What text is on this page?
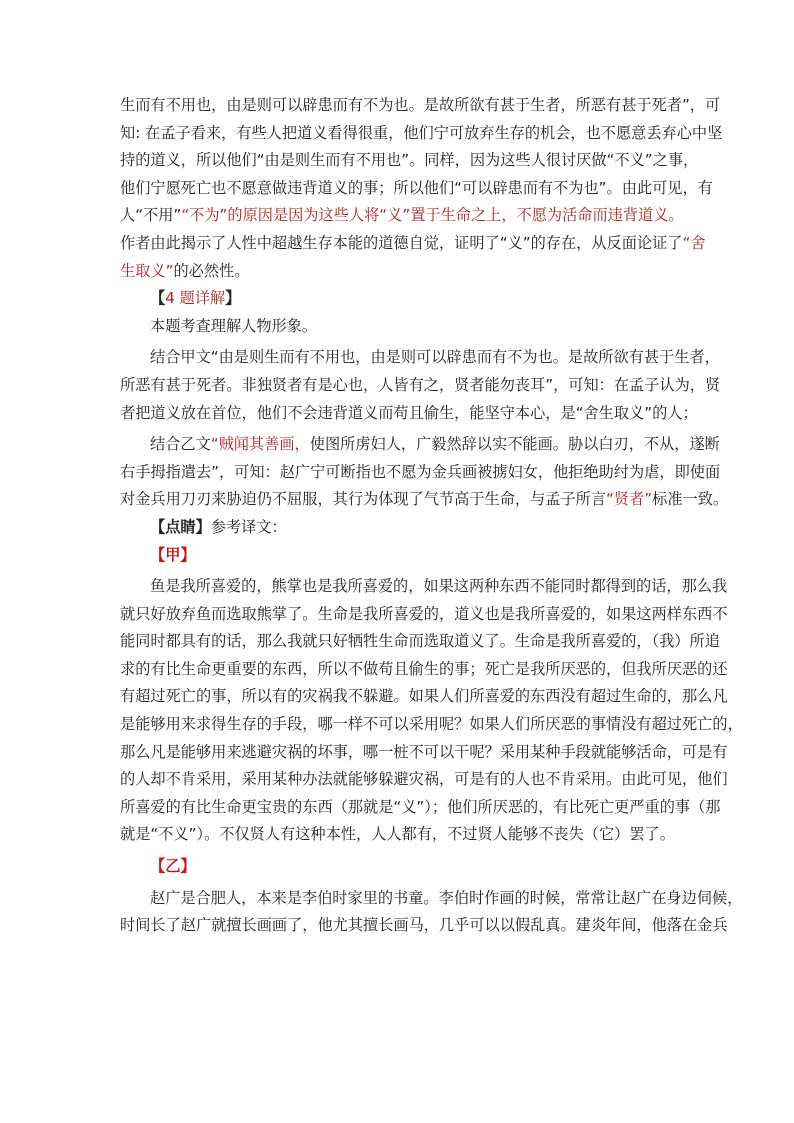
生而有不用也，由是则可以辟患而有不为也。是故所欲有甚于生者，所恶有甚于死者”，可
知: 在孟子看来，有些人把道义看得很重，他们宁可放弃生存的机会，也不愿意丢弃心中坚
持的道义，所以他们“由是则生而有不用也”。同样，因为这些人很讨厌做“不义”之事，
他们宁愿死亡也不愿意做违背道义的事；所以他们“可以辟患而有不为也”。由此可见，有
人“不用”“不为”的原因是因为这些人将“义”置于生命之上，不愿为活命而违背道义。
作者由此揭示了人性中超越生存本能的道德自觉，证明了“义”的存在，从反面论证了“舍
生取义”的必然性。
【4 题详解】
本题考查理解人物形象。
结合甲文“由是则生而有不用也，由是则可以辟患而有不为也。是故所欲有甚于生者，
所恶有甚于死者。非独贤者有是心也，人皆有之，贤者能勿丧耳”，可知：在孟子认为，贤
者把道义放在首位，他们不会违背道义而苟且偷生，能坚守本心，是“舍生取义”的人；
结合乙文“贼闻其善画，使图所虏妇人，广毅然辞以实不能画。胁以白刃，不从，遂断
右手拇指遣去”，可知：赵广宁可断指也不愿为金兵画被掳妇女，他拒绝助纣为虐，即使面
对金兵用刀刃来胁迫仍不屈服，其行为体现了气节高于生命，与孟子所言“贤者”标准一致。
【点睛】参考译文：
【甲】
鱼是我所喜爱的，熊掌也是我所喜爱的，如果这两种东西不能同时都得到的话，那么我
就只好放弃鱼而选取熊掌了。生命是我所喜爱的，道义也是我所喜爱的，如果这两样东西不
能同时都具有的话，那么我就只好牺牲生命而选取道义了。生命是我所喜爱的，（我）所追
求的有比生命更重要的东西，所以不做苟且偷生的事；死亡是我所厌恶的，但我所厌恶的还
有超过死亡的事，所以有的灾祸我不躲避。如果人们所喜爱的东西没有超过生命的，那么凡
是能够用来求得生存的手段，哪一样不可以采用呢？如果人们所厌恶的事情没有超过死亡的，
那么凡是能够用来逃避灾祸的坏事，哪一桩不可以干呢？采用某种手段就能够活命，可是有
的人却不肯采用，采用某种办法就能够躲避灾祸，可是有的人也不肯采用。由此可见，他们
所喜爱的有比生命更宝贵的东西（那就是“义”）；他们所厌恶的，有比死亡更严重的事（那
就是“不义”）。不仅贤人有这种本性，人人都有，不过贤人能够不丧失（它）罢了。
【乙】
赵广是合肥人，本来是李伯时家里的书童。李伯时作画的时候，常常让赵广在身边伺候，
时间长了赵广就擅长画画了，他尤其擅长画马，几乎可以以假乱真。建炎年间，他落在金兵
